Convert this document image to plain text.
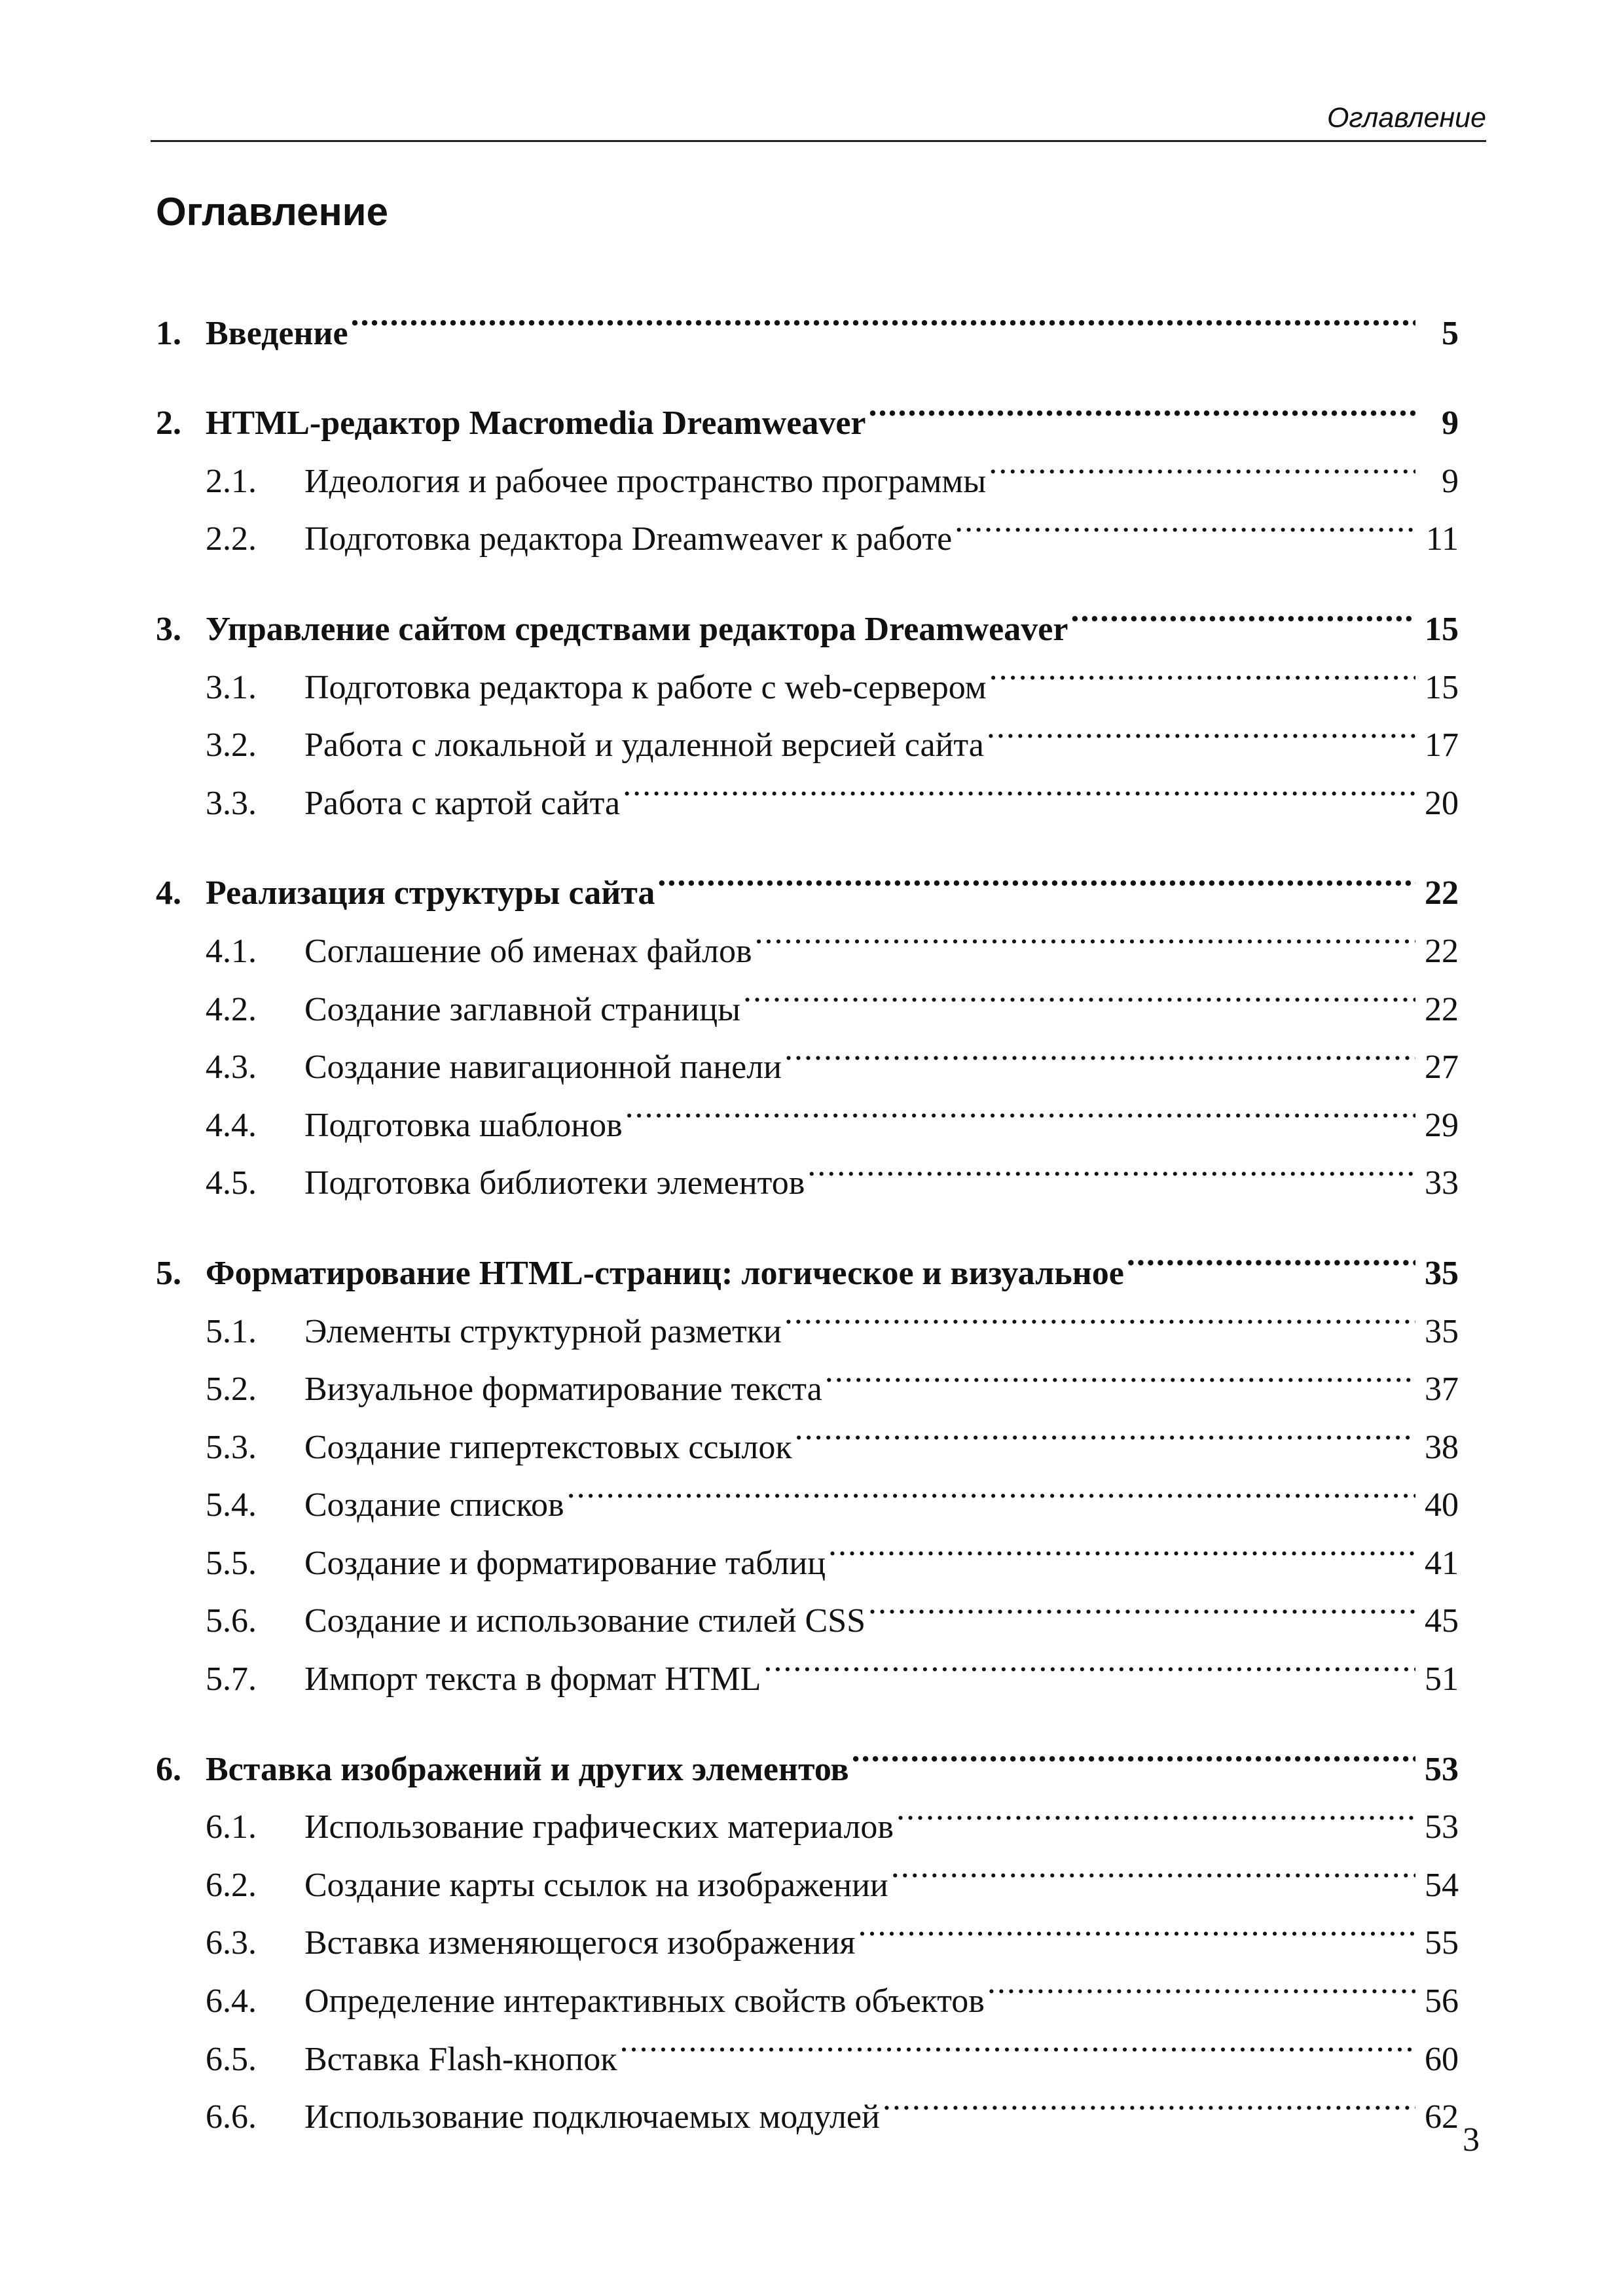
Оглавление
Оглавление
1. Введение .....	5
2. HTML-редактор Macromedia Dreamweaver .....	9
2.1.	Идеология и рабочее пространство программы .....	9
2.2.	Подготовка редактора Dreamweaver к работе .....	11
3. Управление сайтом средствами редактора Dreamweaver .....	15
3.1.	Подготовка редактора к работе с web-сервером .....	15
3.2.	Работа с локальной и удаленной версией сайта .....	17
3.3.	Работа с картой сайта .....	20
4. Реализация структуры сайта .....	22
4.1.	Соглашение об именах файлов .....	22
4.2.	Создание заглавной страницы .....	22
4.3.	Создание навигационной панели .....	27
4.4.	Подготовка шаблонов .....	29
4.5.	Подготовка библиотеки элементов .....	33
5. Форматирование HTML-страниц: логическое и визуальное .....	35
5.1.	Элементы структурной разметки .....	35
5.2.	Визуальное форматирование текста .....	37
5.3.	Создание гипертекстовых ссылок .....	38
5.4.	Создание списков .....	40
5.5.	Создание и форматирование таблиц .....	41
5.6.	Создание и использование стилей CSS .....	45
5.7.	Импорт текста в формат HTML .....	51
6. Вставка изображений и других элементов .....	53
6.1.	Использование графических материалов .....	53
6.2.	Создание карты ссылок на изображении .....	54
6.3.	Вставка изменяющегося изображения .....	55
6.4.	Определение интерактивных свойств объектов .....	56
6.5.	Вставка Flash-кнопок .....	60
6.6.	Использование подключаемых модулей .....	62
3
